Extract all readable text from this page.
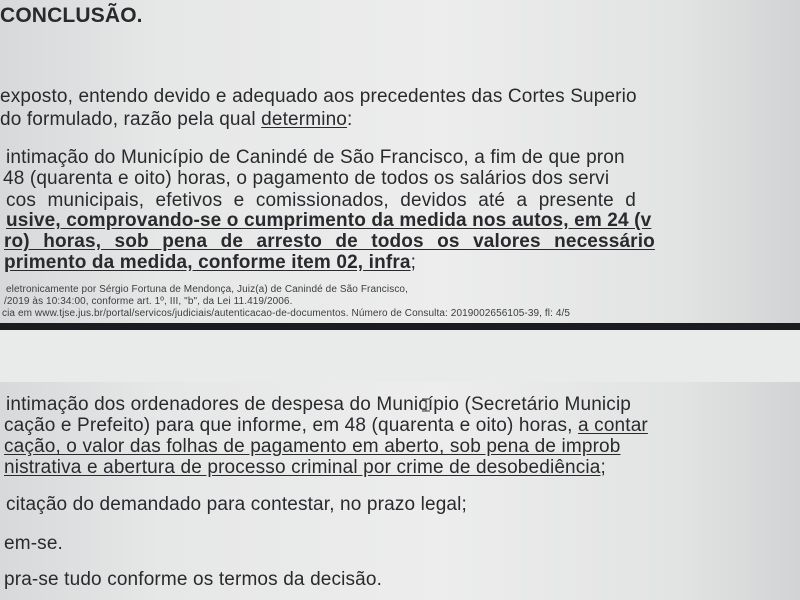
CONCLUSÃO.
exposto, entendo devido e adequado aos precedentes das Cortes Superio
do formulado, razão pela qual determino:
intimação do Município de Canindé de São Francisco, a fim de que pron
48 (quarenta e oito) horas, o pagamento de todos os salários dos servi
cos municipais, efetivos e comissionados, devidos até a presente d
usive, comprovando-se o cumprimento da medida nos autos, em 24 (v
ro) horas, sob pena de arresto de todos os valores necessário
primento da medida, conforme item 02, infra;
eletronicamente por Sérgio Fortuna de Mendonça, Juiz(a) de Canindé de São Francisco,
/2019 às 10:34:00, conforme art. 1º, III, "b", da Lei 11.419/2006.
cia em www.tjse.jus.br/portal/servicos/judiciais/autenticacao-de-documentos. Número de Consulta: 2019002656105-39, fl: 4/5
intimação dos ordenadores de despesa do Município (Secretário Municip
cação e Prefeito) para que informe, em 48 (quarenta e oito) horas, a contar
cação, o valor das folhas de pagamento em aberto, sob pena de improb
nistrativa e abertura de processo criminal por crime de desobediência;
citação do demandado para contestar, no prazo legal;
em-se.
pra-se tudo conforme os termos da decisão.
